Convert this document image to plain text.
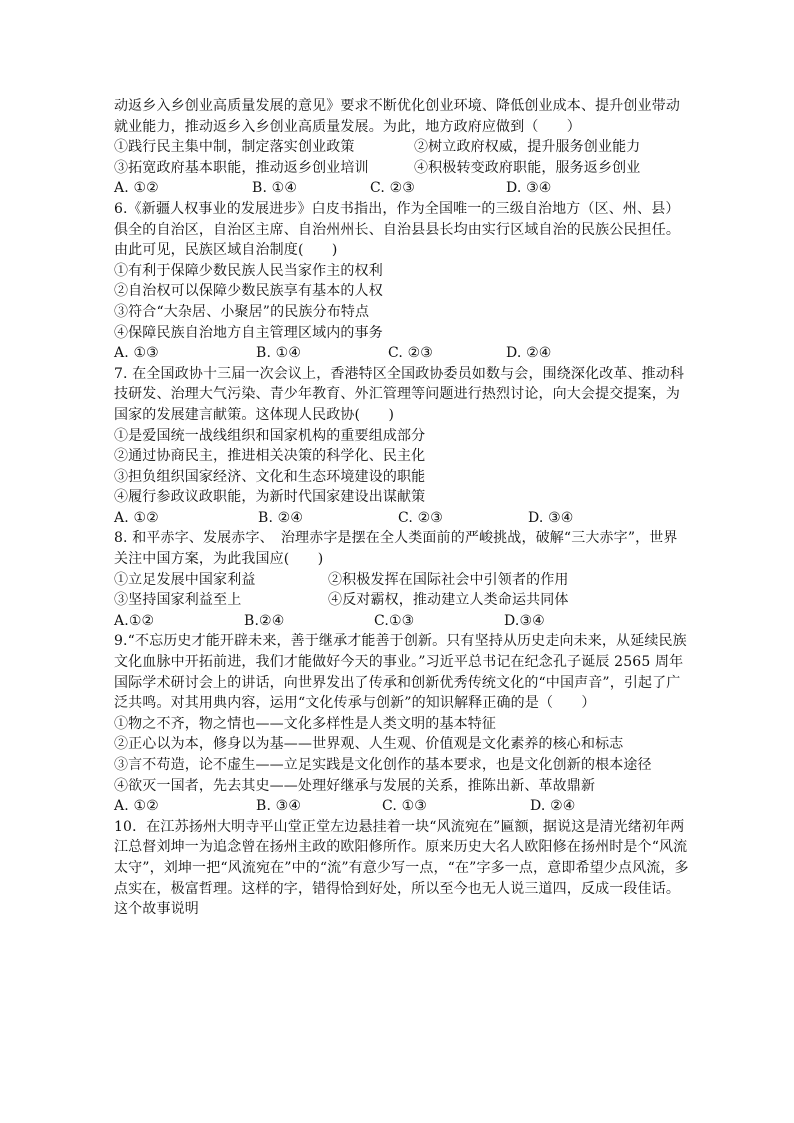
动返乡入乡创业高质量发展的意见》要求不断优化创业环境、降低创业成本、提升创业带动就业能力，推动返乡入乡创业高质量发展。为此，地方政府应做到（　　）

①践行民主集中制，制定落实创业政策	②树立政府权威，提升服务创业能力
③拓宽政府基本职能，推动返乡创业培训	④积极转变政府职能，服务返乡创业
A. ①②	B. ①④	C. ②③	D. ③④

6.《新疆人权事业的发展进步》白皮书指出，作为全国唯一的三级自治地方（区、州、县）俱全的自治区，自治区主席、自治州州长、自治县县长均由实行区域自治的民族公民担任。由此可见，民族区域自治制度(　　)

①有利于保障少数民族人民当家作主的权利

②自治权可以保障少数民族享有基本的人权

③符合“大杂居、小聚居”的民族分布特点

④保障民族自治地方自主管理区域内的事务

A. ①③	B. ①④	C. ②③	D. ②④

7. 在全国政协十三届一次会议上，香港特区全国政协委员如数与会，围绕深化改革、推动科技研发、治理大气污染、青少年教育、外汇管理等问题进行热烈讨论，向大会提交提案，为国家的发展建言献策。这体现人民政协(　　)

①是爱国统一战线组织和国家机构的重要组成部分

②通过协商民主，推进相关决策的科学化、民主化

③担负组织国家经济、文化和生态环境建设的职能

④履行参政议政职能，为新时代国家建设出谋献策

A. ①②	B. ②④	C. ②③	D. ③④

8. 和平赤字、发展赤字、　治理赤字是摆在全人类面前的严峻挑战，破解“三大赤字”，世界关注中国方案，为此我国应(　　)

①立足发展中国家利益	②积极发挥在国际社会中引领者的作用
③坚持国家利益至上	④反对霸权，推动建立人类命运共同体
A.①②	B.②④	C.①③	D.③④

9.“不忘历史才能开辟未来，善于继承才能善于创新。只有坚持从历史走向未来，从延续民族文化血脉中开拓前进，我们才能做好今天的事业。”习近平总书记在纪念孔子诞辰 2565 周年国际学术研讨会上的讲话，向世界发出了传承和创新优秀传统文化的“中国声音”，引起了广泛共鸣。对其用典内容，运用“文化传承与创新”的知识解释正确的是（　　）

①物之不齐，物之情也——文化多样性是人类文明的基本特征

②正心以为本，修身以为基——世界观、人生观、价值观是文化素养的核心和标志

③言不苟造，论不虚生——立足实践是文化创作的基本要求，也是文化创新的根本途径

④欲灭一国者，先去其史——处理好继承与发展的关系，推陈出新、革故鼎新

A. ①②	B. ③④	C. ①③	D. ②④

10．在江苏扬州大明寺平山堂正堂左边悬挂着一块“风流宛在”匾额，据说这是清光绪初年两江总督刘坤一为追念曾在扬州主政的欧阳修所作。原来历史大名人欧阳修在扬州时是个“风流太守”，刘坤一把“风流宛在”中的“流”有意少写一点，“在”字多一点，意即希望少点风流，多点实在，极富哲理。这样的字，错得恰到好处，所以至今也无人说三道四，反成一段佳话。这个故事说明
